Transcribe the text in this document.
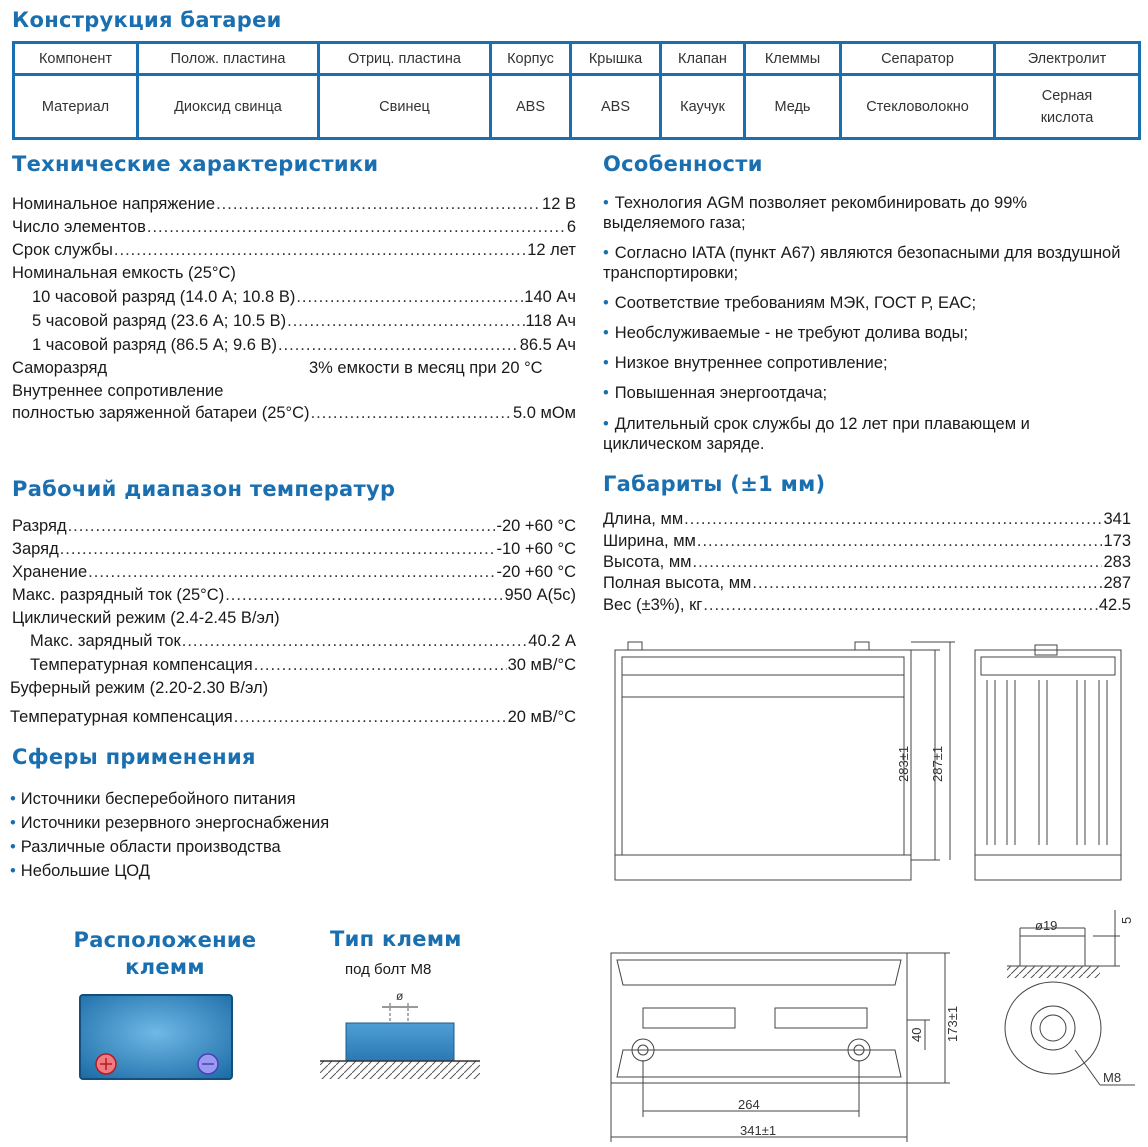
Конструкция батареи
Компонент	Полож. пластина	Отриц. пластина	Корпус	Крышка	Клапан	Клеммы	Сепаратор	Электролит
Материал	Диоксид свинца	Свинец	ABS	ABS	Каучук	Медь	Стекловолокно	Серная
кислота
Технические характеристики
Номинальное напряжение .....	12 В
Число элементов .....	6
Срок службы .....	12 лет
Номинальная емкость (25°С)
10 часовой разряд (14.0 А; 10.8 В) .....	140 Ач
5 часовой разряд (23.6 А; 10.5 В) .....	118 Ач
1 часовой разряд (86.5 А; 9.6 В) .....	86.5 Ач
Саморазряд	3% емкости в месяц при 20 °С
Внутреннее сопротивление
полностью заряженной батареи (25°С) .....	5.0 мОм
Особенности
• Технология AGM позволяет рекомбинировать до 99% выделяемого газа;
• Согласно IATA (пункт А67) являются безопасными для воздушной транспортировки;
• Соответствие требованиям МЭК, ГОСТ Р, ЕАС;
• Необслуживаемые - не требуют долива воды;
• Низкое внутреннее сопротивление;
• Повышенная энергоотдача;
• Длительный срок службы до 12 лет при плавающем и циклическом заряде.
Рабочий диапазон температур
Разряд .....	-20 +60 °С
Заряд .....	-10 +60 °С
Хранение .....	-20 +60 °С
Макс. разрядный ток (25°С) .....	950 А(5с)
Циклический режим (2.4-2.45 В/эл)
Макс. зарядный ток .....	40.2 А
Температурная компенсация .....	30 мВ/°С
Буферный режим (2.20-2.30 В/эл)
Температурная компенсация .....	20 мВ/°С
Габариты (±1 мм)
Длина, мм .....	341
Ширина, мм .....	173
Высота, мм .....	283
Полная высота, мм .....	287
Вес (±3%), кг .....	42.5
Сферы применения
• Источники бесперебойного питания
• Источники резервного энергоснабжения
• Различные области производства
• Небольшие ЦОД
Расположение
клемм
Тип клемм
под болт М8
ø
283±1 287±1
264
341±1
40 173±1
ø19	5
M8
